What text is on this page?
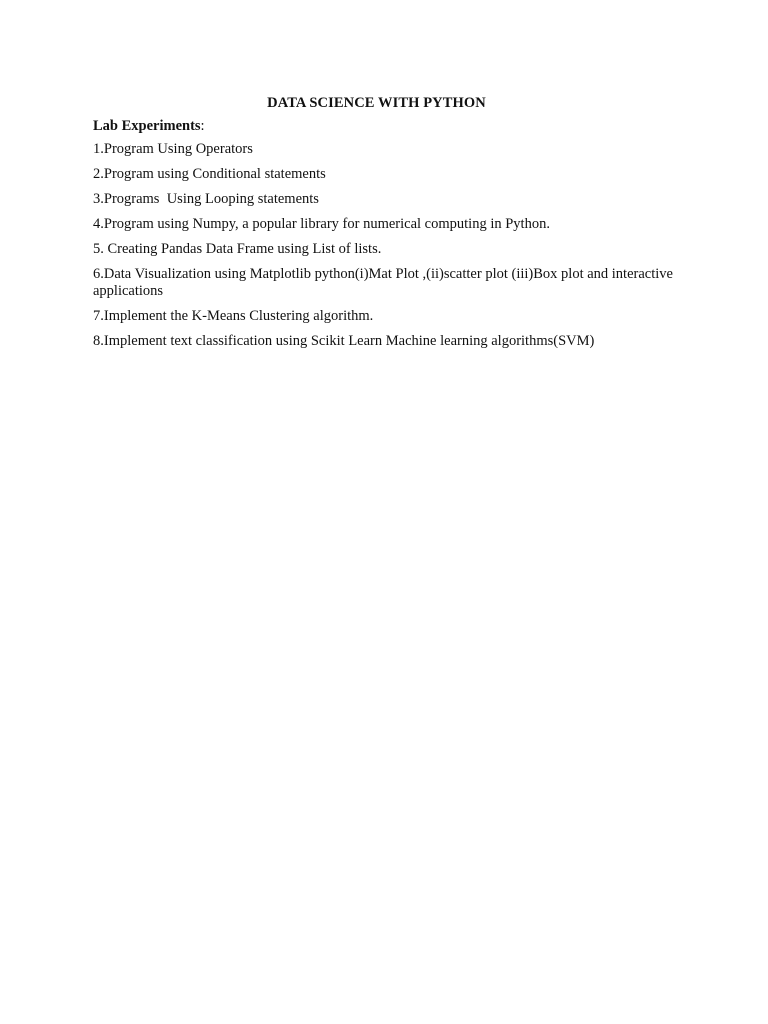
DATA SCIENCE WITH PYTHON

Lab Experiments:

1.Program Using Operators
2.Program using Conditional statements
3.Programs  Using Looping statements
4.Program using Numpy, a popular library for numerical computing in Python.
5. Creating Pandas Data Frame using List of lists.
6.Data Visualization using Matplotlib python(i)Mat Plot ,(ii)scatter plot (iii)Box plot and interactive applications
7.Implement the K-Means Clustering algorithm.
8.Implement text classification using Scikit Learn Machine learning algorithms(SVM)
